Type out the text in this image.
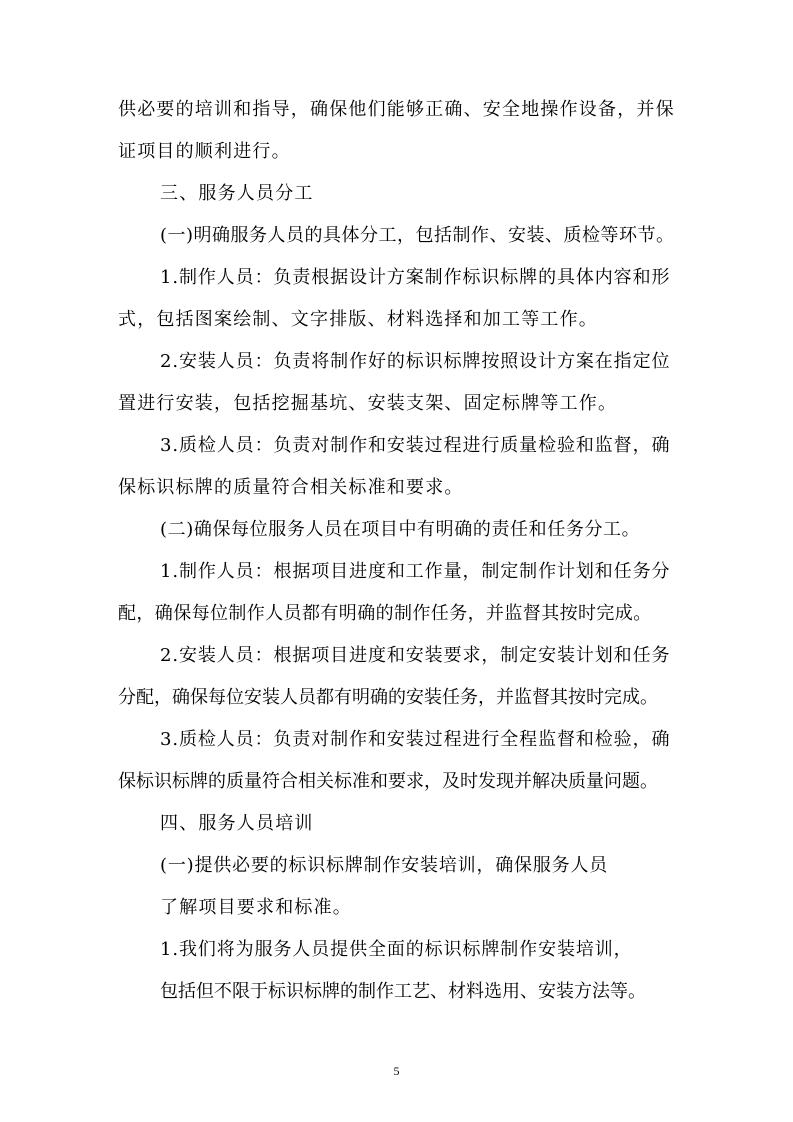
供必要的培训和指导，确保他们能够正确、安全地操作设备，并保

证项目的顺利进行。

三、服务人员分工

(一)明确服务人员的具体分工，包括制作、安装、质检等环节。

1.制作人员：负责根据设计方案制作标识标牌的具体内容和形

式，包括图案绘制、文字排版、材料选择和加工等工作。

2.安装人员：负责将制作好的标识标牌按照设计方案在指定位

置进行安装，包括挖掘基坑、安装支架、固定标牌等工作。

3.质检人员：负责对制作和安装过程进行质量检验和监督，确

保标识标牌的质量符合相关标准和要求。

(二)确保每位服务人员在项目中有明确的责任和任务分工。

1.制作人员：根据项目进度和工作量，制定制作计划和任务分

配，确保每位制作人员都有明确的制作任务，并监督其按时完成。

2.安装人员：根据项目进度和安装要求，制定安装计划和任务

分配，确保每位安装人员都有明确的安装任务，并监督其按时完成。

3.质检人员：负责对制作和安装过程进行全程监督和检验，确

保标识标牌的质量符合相关标准和要求，及时发现并解决质量问题。

四、服务人员培训

(一)提供必要的标识标牌制作安装培训，确保服务人员

了解项目要求和标准。

1.我们将为服务人员提供全面的标识标牌制作安装培训，

包括但不限于标识标牌的制作工艺、材料选用、安装方法等。

5
